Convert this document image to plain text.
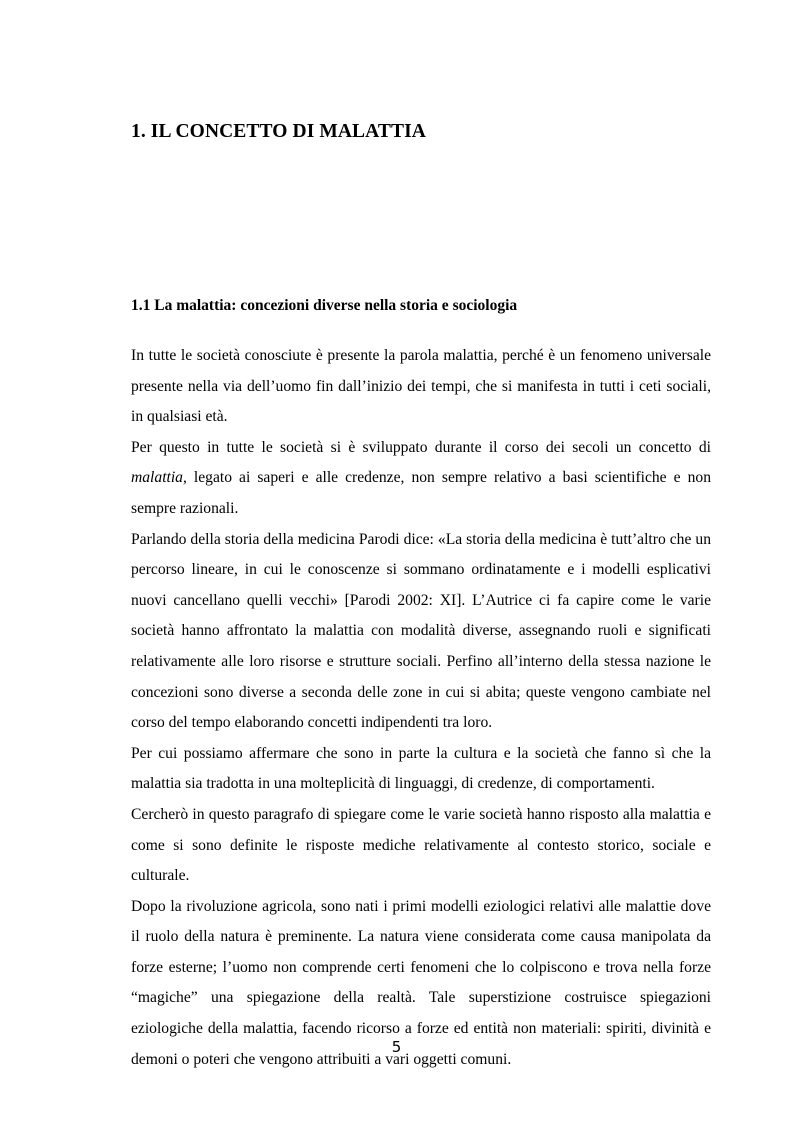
1. IL CONCETTO DI MALATTIA
1.1 La malattia: concezioni diverse nella storia e sociologia

In tutte le società conosciute è presente la parola malattia, perché è un fenomeno universale presente nella via dell’uomo fin dall’inizio dei tempi, che si manifesta in tutti i ceti sociali, in qualsiasi età.

Per questo in tutte le società si è sviluppato durante il corso dei secoli un concetto di malattia, legato ai saperi e alle credenze, non sempre relativo a basi scientifiche e non sempre razionali.

Parlando della storia della medicina Parodi dice: «La storia della medicina è tutt’altro che un percorso lineare, in cui le conoscenze si sommano ordinatamente e i modelli esplicativi nuovi cancellano quelli vecchi» [Parodi 2002: XI]. L’Autrice ci fa capire come le varie società hanno affrontato la malattia con modalità diverse, assegnando ruoli e significati relativamente alle loro risorse e strutture sociali. Perfino all’interno della stessa nazione le concezioni sono diverse a seconda delle zone in cui si abita; queste vengono cambiate nel corso del tempo elaborando concetti indipendenti tra loro.

Per cui possiamo affermare che sono in parte la cultura e la società che fanno sì che la malattia sia tradotta in una molteplicità di linguaggi, di credenze, di comportamenti.

Cercherò in questo paragrafo di spiegare come le varie società hanno risposto alla malattia e come si sono definite le risposte mediche relativamente al contesto storico, sociale e culturale.

Dopo la rivoluzione agricola, sono nati i primi modelli eziologici relativi alle malattie dove il ruolo della natura è preminente. La natura viene considerata come causa manipolata da forze esterne; l’uomo non comprende certi fenomeni che lo colpiscono e trova nella forze “magiche” una spiegazione della realtà. Tale superstizione costruisce spiegazioni eziologiche della malattia, facendo ricorso a forze ed entità non materiali: spiriti, divinità e demoni o poteri che vengono attribuiti a vari oggetti comuni.

5
